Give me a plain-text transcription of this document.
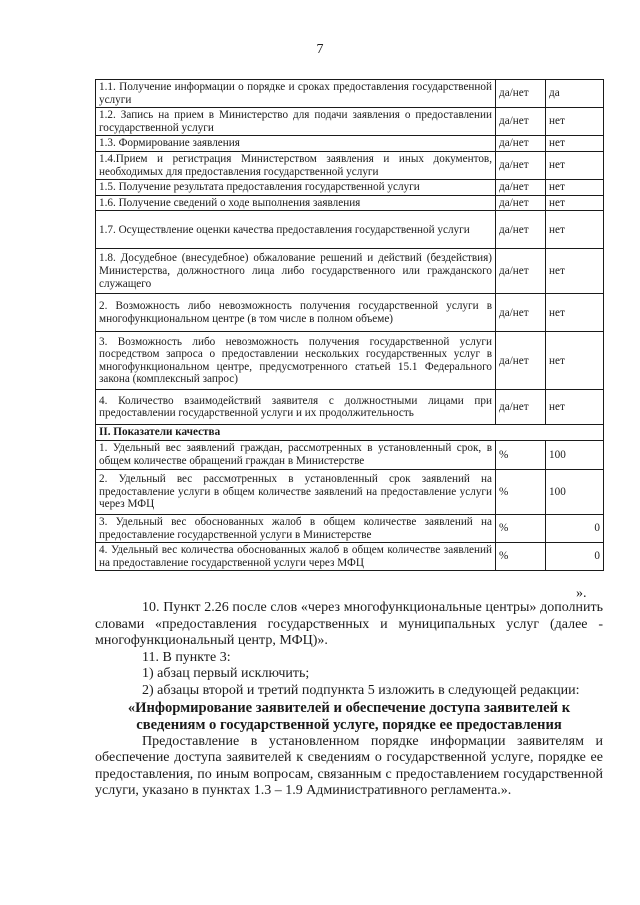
7
1.1. Получение информации о порядке и сроках предоставления государственной услуги	да/нет	да
1.2. Запись на прием в Министерство для подачи заявления о предоставлении государственной услуги	да/нет	нет
1.3. Формирование заявления	да/нет	нет
1.4.Прием и регистрация Министерством заявления и иных документов, необходимых для предоставления государственной услуги	да/нет	нет
1.5. Получение результата предоставления государственной услуги	да/нет	нет
1.6. Получение сведений о ходе выполнения заявления	да/нет	нет
1.7. Осуществление оценки качества предоставления государственной услуги	да/нет	нет
1.8. Досудебное (внесудебное) обжалование решений и действий (бездействия) Министерства, должностного лица либо государственного или гражданского служащего	да/нет	нет
2. Возможность либо невозможность получения государственной услуги в многофункциональном центре (в том числе в полном объеме)	да/нет	нет
3. Возможность либо невозможность получения государственной услуги посредством запроса о предоставлении нескольких государственных услуг в многофункциональном центре, предусмотренного статьей 15.1 Федерального закона (комплексный запрос)	да/нет	нет
4. Количество взаимодействий заявителя с должностными лицами при предоставлении государственной услуги и их продолжительность	да/нет	нет
II. Показатели качества		
1. Удельный вес заявлений граждан, рассмотренных в установленный срок, в общем количестве обращений граждан в Министерстве	%	100
2. Удельный вес рассмотренных в установленный срок заявлений на предоставление услуги в общем количестве заявлений на предоставление услуги через МФЦ	%	100
3. Удельный вес обоснованных жалоб в общем количестве заявлений на предоставление государственной услуги в Министерстве	%	0
4. Удельный вес количества обоснованных жалоб в общем количестве заявлений на предоставление государственной услуги через МФЦ	%	0
».

10. Пункт 2.26 после слов «через многофункциональные центры» дополнить словами «предоставления государственных и муниципальных услуг (далее - многофункциональный центр, МФЦ)».

11. В пункте 3:

1) абзац первый исключить;

2) абзацы второй и третий подпункта 5 изложить в следующей редакции:

«Информирование заявителей и обеспечение доступа заявителей к сведениям о государственной услуге, порядке ее предоставления

Предоставление в установленном порядке информации заявителям и обеспечение доступа заявителей к сведениям о государственной услуге, порядке ее предоставления, по иным вопросам, связанным с предоставлением государственной услуги, указано в пунктах 1.3 – 1.9 Административного регламента.».
